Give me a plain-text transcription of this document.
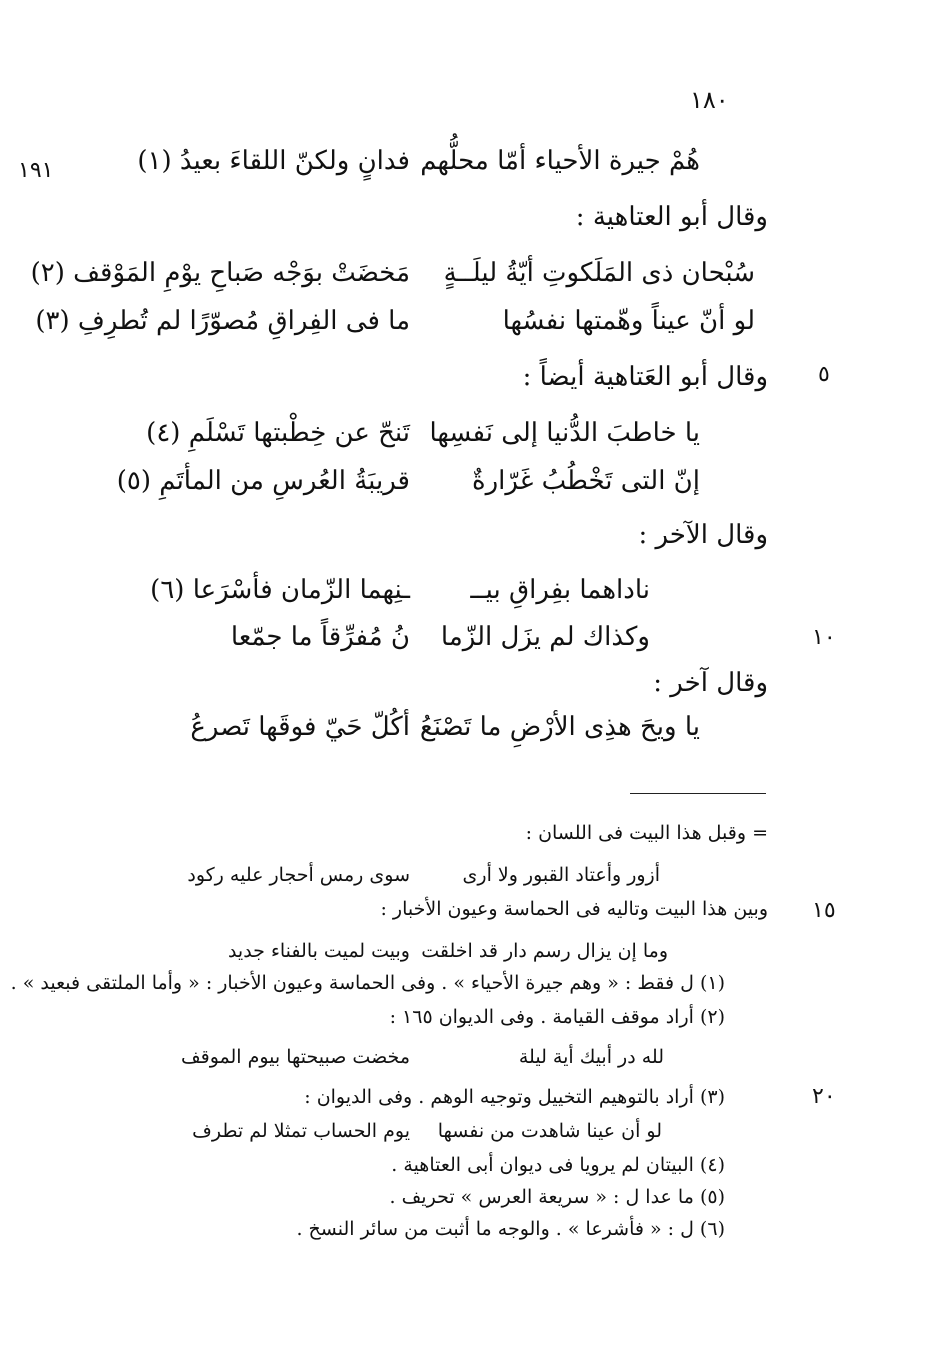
١٨٠
١٩١
٥
١٠
١٥
٢٠
هُمْ جيرة الأحياء أمّا محلُّهم
فدانٍ ولكنّ اللقاءَ بعيدُ (١)
وقال أبو العتاهية :
سُبْحان ذى المَلَكوتِ أيّةُ ليلَــةٍ
مَخضَتْ بوَجْه صَباحِ يوْمِ المَوْقف (٢)
لو أنّ عيناً وهّمتها نفسُها
ما فى الفِراقِ مُصوّرًا لم تُطرِفِ (٣)
وقال أبو العَتاهية أيضاً :
يا خاطبَ الدُّنيا إلى نَفسِها
تَنحّ عن خِطْبتها تَسْلَمِ (٤)
إنّ التى تَخْطُبُ غَرّارةٌ
قريبَةُ العُرسِ من المأتَمِ (٥)
وقال الآخر :
ناداهما بفِراقِ بيــ
ـنِهما الزّمان فأسْرَعا (٦)
وكذاك لم يزَل الزّما
نُ مُفرِّقاً ما جمّعا
وقال آخر :
يا ويحَ هذِى الأرْضِ ما تَصْنَعُ
أكُلّ حَيّ فوقَها تَصرعُ
= وقبل هذا البيت فى اللسان :
أزور وأعتاد القبور ولا أرى
سوى رمس أحجار عليه ركود
وبين هذا البيت وتاليه فى الحماسة وعيون الأخبار :
وما إن يزال رسم دار قد اخلقت
وبيت لميت بالفناء جديد
(١) ل فقط : « وهم جيرة الأحياء » . وفى الحماسة وعيون الأخبار : « وأما الملتقى فبعيد » .
(٢) أراد موقف القيامة . وفى الديوان ١٦٥ :
لله در أبيك أية ليلة
مخضت صبيحتها بيوم الموقف
(٣) أراد بالتوهيم التخييل وتوجيه الوهم . وفى الديوان :
لو أن عينا شاهدت من نفسها
يوم الحساب تمثلا لم تطرف
(٤) البيتان لم يرويا فى ديوان أبى العتاهية .
(٥) ما عدا ل : « سريعة العرس » تحريف .
(٦) ل : « فأشرعا » . والوجه ما أثبت من سائر النسخ .
